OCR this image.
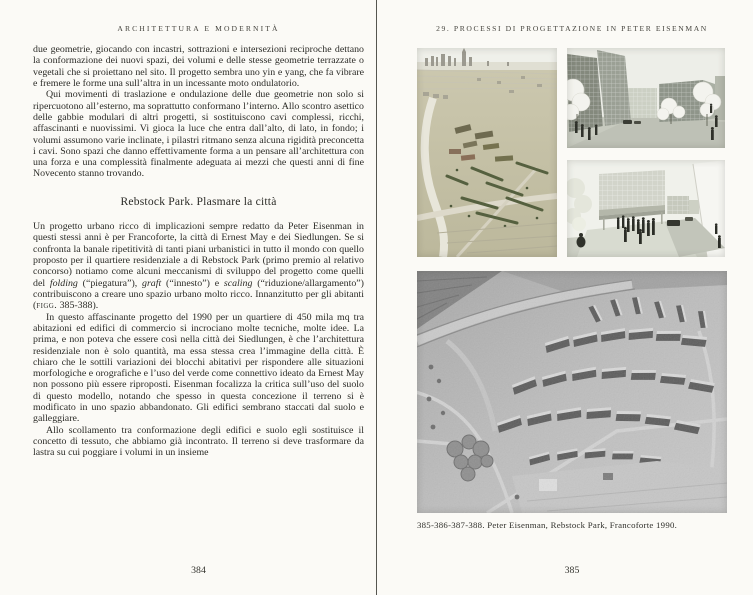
ARCHITETTURA E MODERNITÀ

due geometrie, giocando con incastri, sottrazioni e intersezioni reciproche dettano la conformazione dei nuovi spazi, dei volumi e delle stesse geometrie terrazzate o vegetali che si proiettano nel sito. Il progetto sembra uno yin e yang, che fa vibrare e fremere le forme una sull’altra in un incessante moto ondulatorio.

Qui movimenti di traslazione e ondulazione delle due geometrie non solo si ripercuotono all’esterno, ma soprattutto conformano l’interno. Allo scontro asettico delle gabbie modulari di altri progetti, si sostituiscono cavi complessi, ricchi, affascinanti e nuovissimi. Vi gioca la luce che entra dall’alto, di lato, in fondo; i volumi assumono varie inclinate, i pilastri ritmano senza alcuna rigidità preconcetta i cavi. Sono spazi che danno effettivamente forma a un pensare all’architettura con una forza e una complessità finalmente adeguata ai mezzi che questi anni di fine Novecento stanno trovando.

Rebstock Park. Plasmare la città

Un progetto urbano ricco di implicazioni sempre redatto da Peter Eisenman in questi stessi anni è per Francoforte, la città di Ernest May e dei Siedlungen. Se si confronta la banale ripetitività di tanti piani urbanistici in tutto il mondo con quello proposto per il quartiere residenziale a di Rebstock Park (primo premio al relativo concorso) notiamo come alcuni meccanismi di sviluppo del progetto come quelli del folding (“piegatura”), graft (“innesto”) e scaling (“riduzione/allargamento”) contribuiscono a creare uno spazio urbano molto ricco. Innanzitutto per gli abitanti (figg. 385-388).

In questo affascinante progetto del 1990 per un quartiere di 450 mila mq tra abitazioni ed edifici di commercio si incrociano molte tecniche, molte idee. La prima, e non poteva che essere così nella città dei Siedlungen, è che l’architettura residenziale non è solo quantità, ma essa stessa crea l’immagine della città. È chiaro che le sottili variazioni dei blocchi abitativi per rispondere alle situazioni morfologiche e orografiche e l’uso del verde come connettivo ideato da Ernest May non possono più essere riproposti. Eisenman focalizza la critica sull’uso del suolo di questo modello, notando che spesso in questa concezione il terreno si è modificato in uno spazio abbandonato. Gli edifici sembrano staccati dal suolo e galleggiare.

Allo scollamento tra conformazione degli edifici e suolo egli sostituisce il concetto di tessuto, che abbiamo già incontrato. Il terreno si deve trasformare da lastra su cui poggiare i volumi in un insieme

384
29. PROCESSI DI PROGETTAZIONE IN PETER EISENMAN
385-386-387-388. Peter Eisenman, Rebstock Park, Francoforte 1990.
385
